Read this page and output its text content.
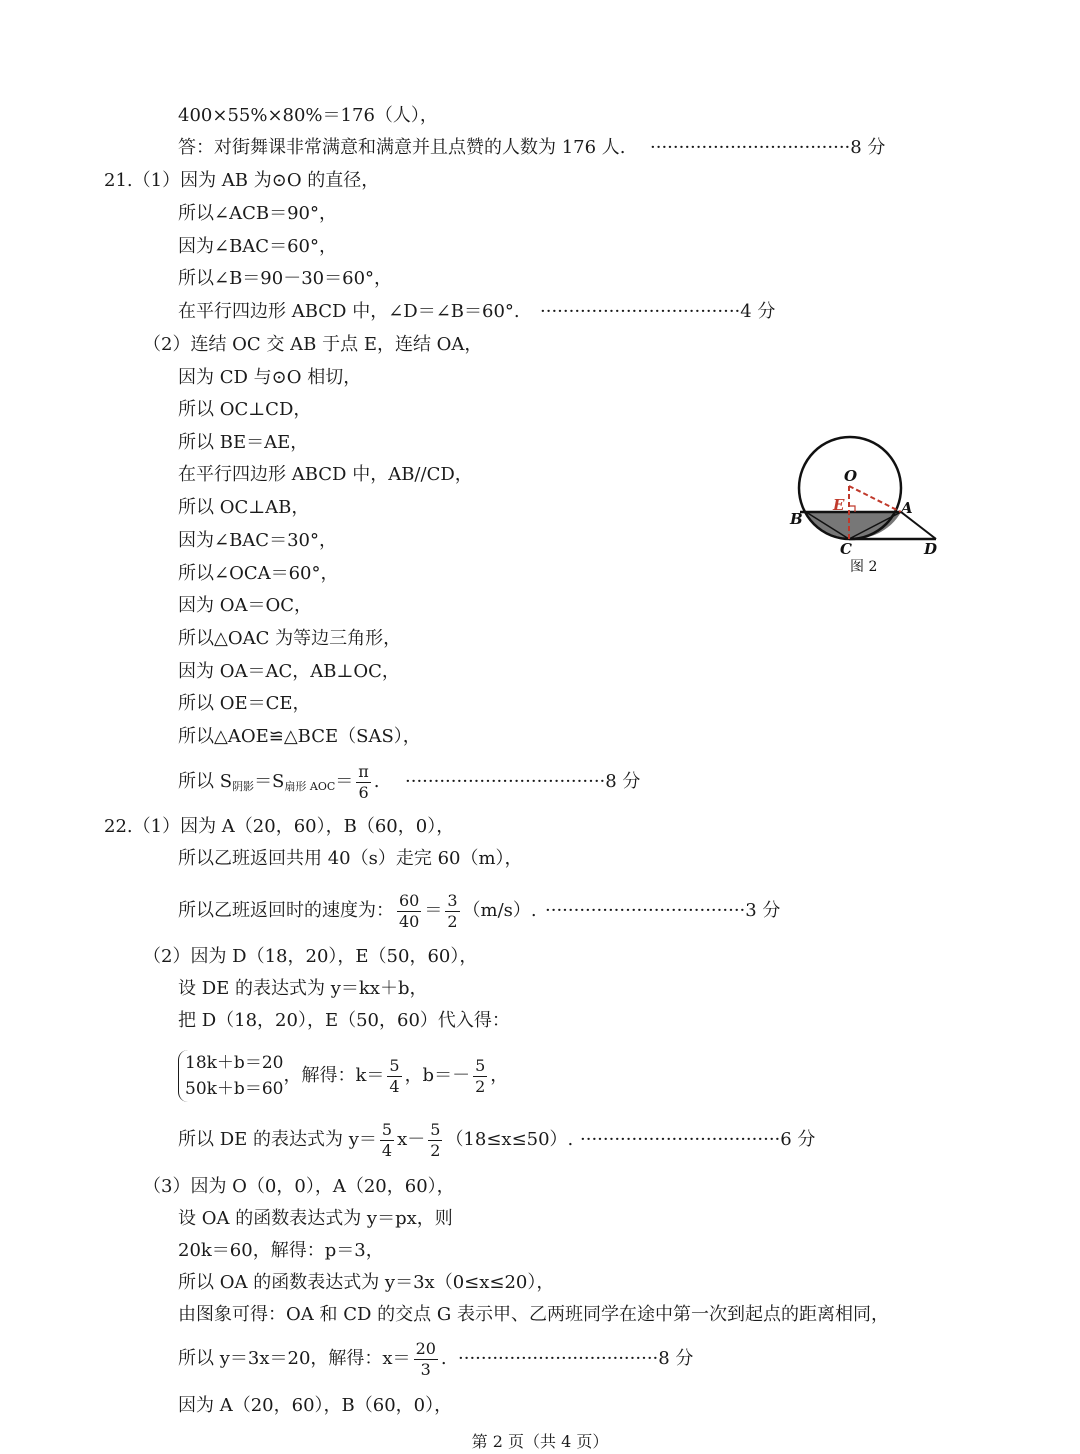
400×55%×80%＝176（人），
答：对街舞课非常满意和满意并且点赞的人数为 176 人. ···································8 分
21.（1）因为 AB 为⊙O 的直径，
所以∠ACB＝90°，
因为∠BAC＝60°，
所以∠B＝90－30＝60°，
在平行四边形 ABCD 中，∠D＝∠B＝60°. ···································4 分
（2）连结 OC 交 AB 于点 E，连结 OA，
因为 CD 与⊙O 相切，
所以 OC⊥CD，
所以 BE＝AE，
在平行四边形 ABCD 中，AB//CD，
所以 OC⊥AB，
因为∠BAC＝30°，
所以∠OCA＝60°，
因为 OA＝OC，
所以△OAC 为等边三角形，
因为 OA＝AC，AB⊥OC，
所以 OE＝CE，
所以△AOE≌△BCE（SAS），
所以 $S_{阴影}=S_{扇形 AOC}= \frac{\pi}{6}$ . ···································8 分
22.（1）因为 A（20，60），B（60，0），
所以乙班返回共用 40（s）走完 60（m），
所以乙班返回时的速度为： $\frac{60}{40} = \frac{3}{2} (m/s)$. ···································3 分
（2）因为 D（18，20），E（50，60），
设 DE 的表达式为 y＝kx＋b，
把 D（18，20），E（50，60）代入得：
18k＋b＝20
50k＋b＝60
，解得：$k= \frac{5}{4}$ ，$b=- \frac{5}{2}$ ，
所以 DE 的表达式为 $y= \frac{5}{4} x- \frac{5}{2} (18\le x\le 50)$. ···································6 分
（3）因为 O（0，0），A（20，60），
设 OA 的函数表达式为 y＝px，则
20k＝60，解得：p＝3，
所以 OA 的函数表达式为 y＝3x（0≤x≤20），
由图象可得：OA 和 CD 的交点 G 表示甲、乙两班同学在途中第一次到起点的距离相同，
所以 y＝3x＝20，解得：$x= \frac{20}{3}$ . ···································8 分
因为 A（20，60），B（60，0），
O
E	A
B
C	D
图 2
第 2 页（共 4 页）
